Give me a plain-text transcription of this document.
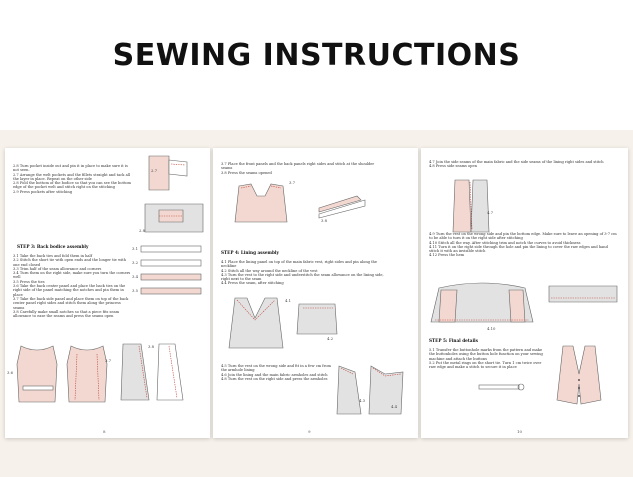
SEWING INSTRUCTIONS
2.8 Turn pocket inside out and pin it in place to make sure it is not seen.
2.7 Arrange the welt pockets and the fillets straight and tack all the layer in place. Repeat on the other side
2.8 Fold the bottom of the bodice so that you can see the bottom edge of the pocket welt and stitch right on the stitching
2.9 Press pockets after stitching
2.7
2.8
STEP 3: Back bodice assembly
3.1 Take the back ties and fold them in half
3.2 Stitch the short tie with open ends and the longer tie with one end closed
3.3 Trim half of the seam allowance and corners
3.4 Turn them on the right side, make sure you turn the corners well
3.5 Press the ties
3.6 Take the back center panel and place the back ties on the right side of the panel matching the notches and pin them in place
3.7 Take the back side panel and place them on top of the back center panel right sides and stitch them along the princess seams
3.8 Carefully make small notches so that a piece fits seam allowance to ease the seams and press the seams open
3.1
3.2
3.4
3.5
3.6
3.7
3.8
8
3.7 Place the front panels and the back panels right sides and stitch at the shoulder seams
3.8 Press the seams opened
3.7
3.8
STEP 4: Lining assembly
4.1 Place the lining panel on top of the main fabric vest, right sides and pin along the neckline
4.2 Stitch all the way around the neckline of the vest
4.3 Turn the vest to the right side and understitch the seam allowance on the lining side, right next to the seam
4.4 Press the seam, after stitching
4.1
4.2
4.5 Turn the vest on the wrong side and fit in a few cm from the armhole lining
4.6 Join the lining and the main fabric armholes and stitch
4.8 Turn the vest on the right side and press the armholes
4.3
4.4
9
4.7 Join the side seams of the main fabric and the side seams of the lining right sides and stitch
4.8 Press side seams open
4.7
4.9 Turn the vest on the wrong side and pin the bottom edge. Make sure to leave an opening of 3-7 cm to be able to turn it on the right side after stitching
4.10 Stitch all the way. After stitching trim and notch the curves to avoid thickness
4.11 Turn it on the right side through the hole and pin the lining to cover the raw edges and hand stitch it with an invisible stitch
4.12 Press the hem
4.10
STEP 5: Final details
5.1 Transfer the buttonhole marks from the pattern and make the buttonholes using the button hole function on your sewing machine and attach the buttons
5.2 Put the metal rings on the short tie. Turn 1 cm twice over raw edge and make a stitch to secure it in place
10
